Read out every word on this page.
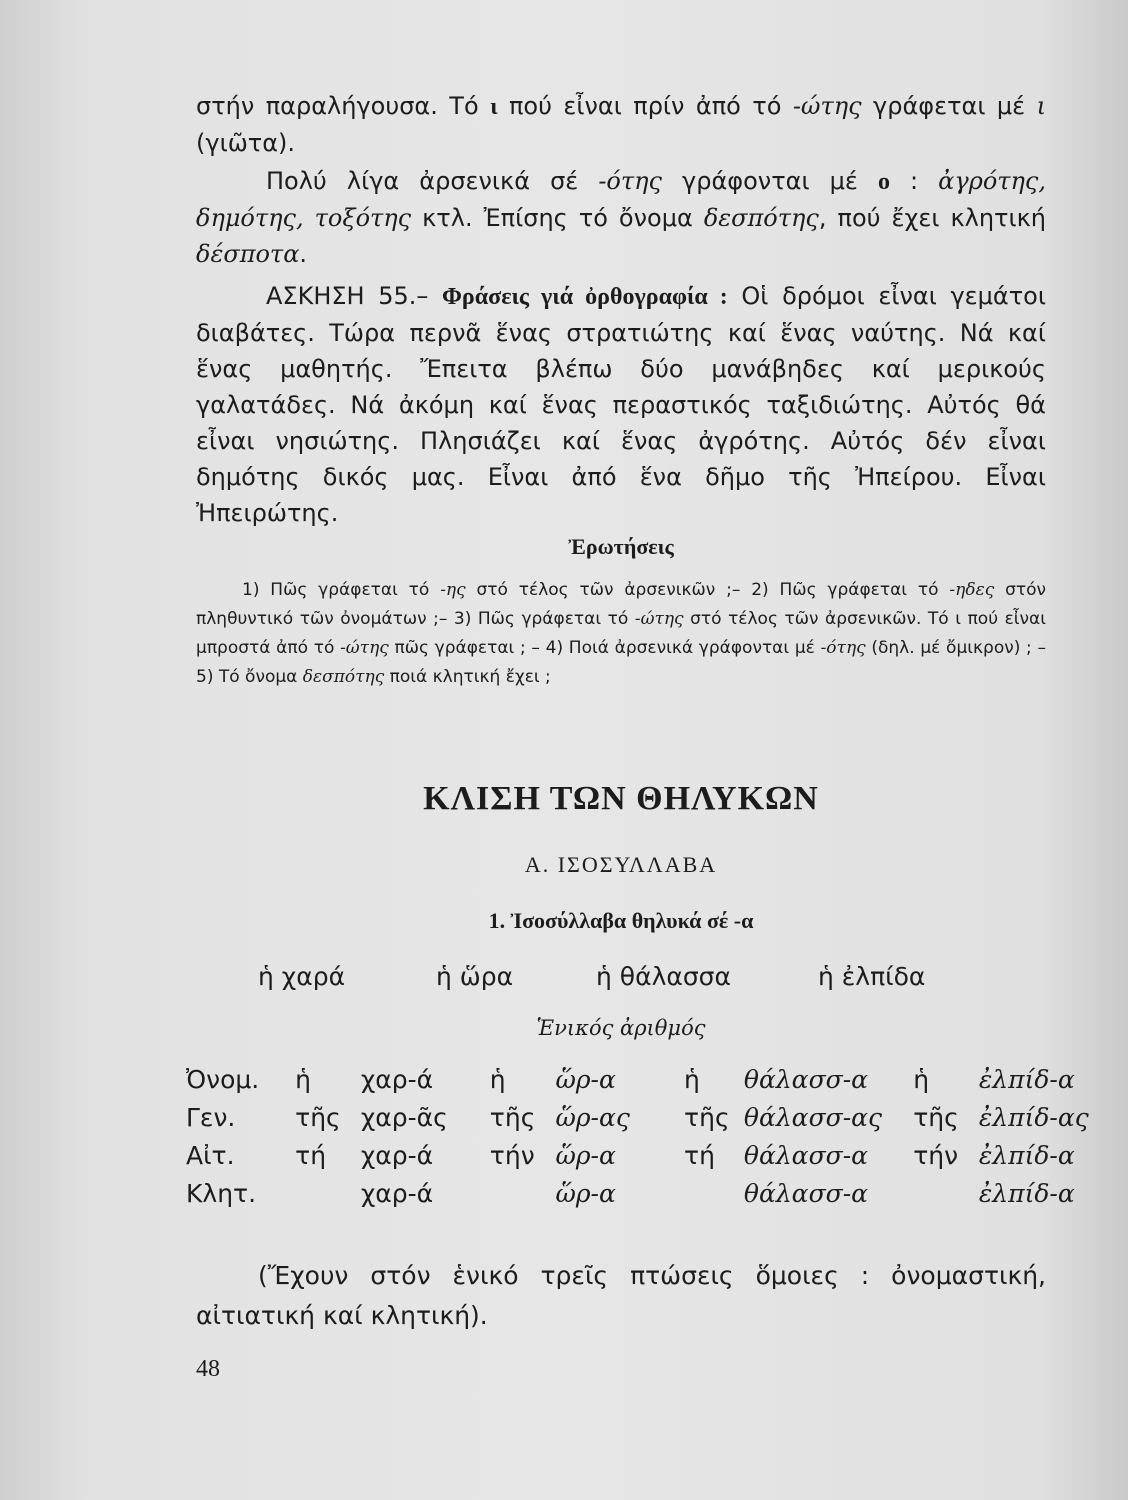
στήν παραλήγουσα. Τό ι πού εἶναι πρίν ἀπό τό -ώτης γράφεται μέ ι (γιῶτα).

Πολύ λίγα ἀρσενικά σέ -ότης γράφονται μέ ο : ἀγρότης, δημότης, τοξότης κτλ. Ἐπίσης τό ὄνομα δεσπότης, πού ἔχει κλητική δέσποτα.

ΑΣΚΗΣΗ 55.– Φράσεις γιά ὀρθογραφία : Οἱ δρόμοι εἶναι γεμάτοι διαβάτες. Τώρα περνᾶ ἕνας στρατιώτης καί ἕνας ναύτης. Νά καί ἕνας μαθητής. Ἔπειτα βλέπω δύο μανάβηδες καί μερικούς γαλατάδες. Νά ἀκόμη καί ἕνας περαστικός ταξιδιώτης. Αὐτός θά εἶναι νησιώτης. Πλησιάζει καί ἕνας ἀγρότης. Αὐτός δέν εἶναι δημότης δικός μας. Εἶναι ἀπό ἕνα δῆμο τῆς Ἠπείρου. Εἶναι Ἠπειρώτης.

Ἐρωτήσεις

1) Πῶς γράφεται τό -ης στό τέλος τῶν ἀρσενικῶν ;– 2) Πῶς γράφεται τό -ηδες στόν πληθυντικό τῶν ὀνομάτων ;– 3) Πῶς γράφεται τό -ώτης στό τέλος τῶν ἀρσενικῶν. Τό ι πού εἶναι μπροστά ἀπό τό -ώτης πῶς γράφεται ; – 4) Ποιά ἀρσενικά γράφονται μέ -ότης (δηλ. μέ ὄμικρον) ; – 5) Τό ὄνομα δεσπότης ποιά κλητική ἔχει ;

ΚΛΙΣΗ ΤΩΝ ΘΗΛΥΚΩΝ

Α. ΙΣΟΣΥΛΛΑΒΑ

1. Ἰσοσύλλαβα θηλυκά σέ -α

ἡ χαρά	ἡ ὥρα	ἡ θάλασσα	ἡ ἐλπίδα
Ἑνικός ἀριθμός
Ὀνομ.	ἡ	χαρ-ά	ἡ	ὥρ-α	ἡ	θάλασσ-α	ἡ	ἐλπίδ-α
Γεν.	τῆς	χαρ-ᾶς	τῆς	ὥρ-ας	τῆς	θάλασσ-ας	τῆς	ἐλπίδ-ας
Αἰτ.	τή	χαρ-ά	τήν	ὥρ-α	τή	θάλασσ-α	τήν	ἐλπίδ-α
Κλητ.		χαρ-ά		ὥρ-α		θάλασσ-α		ἐλπίδ-α

(Ἔχουν στόν ἑνικό τρεῖς πτώσεις ὅμοιες : ὀνομαστική, αἰτιατική καί κλητική).

48
